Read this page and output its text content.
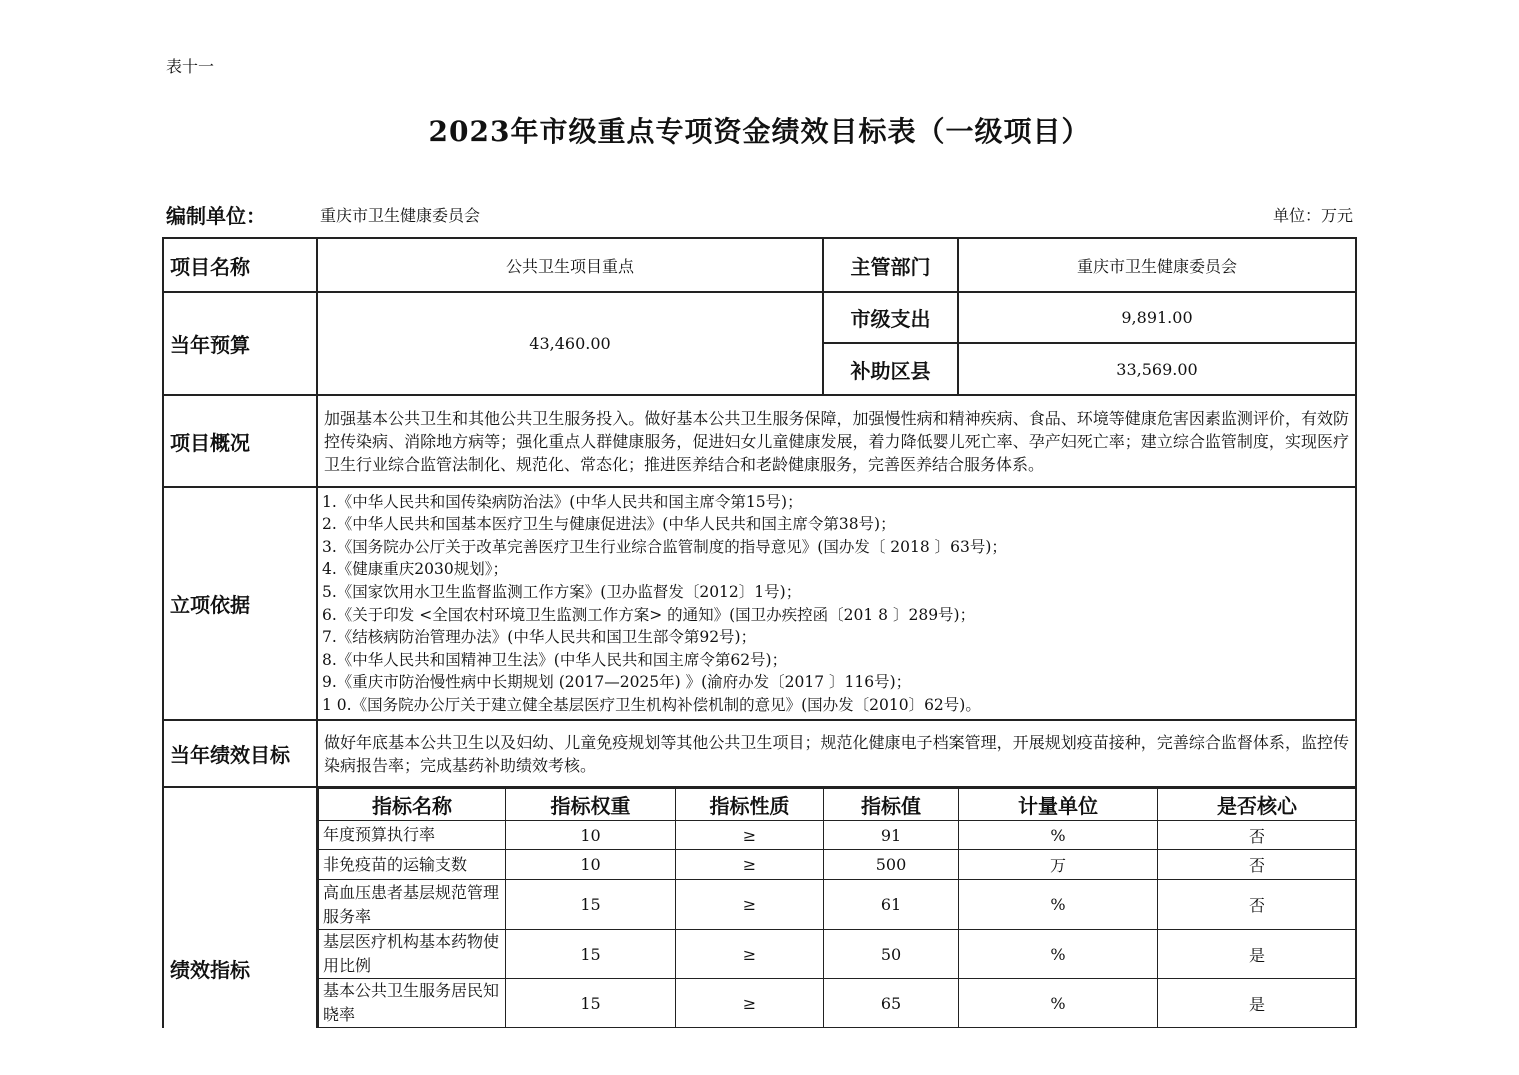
表十一
2023年市级重点专项资金绩效目标表（一级项目）
编制单位：	重庆市卫生健康委员会	单位：万元
项目名称	公共卫生项目重点	主管部门	重庆市卫生健康委员会
当年预算	43,460.00	市级支出	9,891.00
补助区县	33,569.00
项目概况	加强基本公共卫生和其他公共卫生服务投入。做好基本公共卫生服务保障，加强慢性病和精神疾病、食品、环境等健康危害因素监测评价，有效防控传染病、消除地方病等；强化重点人群健康服务，促进妇女儿童健康发展，着力降低婴儿死亡率、孕产妇死亡率；建立综合监管制度，实现医疗卫生行业综合监管法制化、规范化、常态化；推进医养结合和老龄健康服务，完善医养结合服务体系。
立项依据	
1.《中华人民共和国传染病防治法》(中华人民共和国主席令第15号)；
2.《中华人民共和国基本医疗卫生与健康促进法》(中华人民共和国主席令第38号)；
3.《国务院办公厅关于改革完善医疗卫生行业综合监管制度的指导意见》(国办发〔 2018 〕63号)；
4.《健康重庆2030规划》；
5.《国家饮用水卫生监督监测工作方案》(卫办监督发〔2012〕1号)；
6.《关于印发 <全国农村环境卫生监测工作方案> 的通知》(国卫办疾控函〔201 8 〕289号)；
7.《结核病防治管理办法》(中华人民共和国卫生部令第92号)；
8.《中华人民共和国精神卫生法》(中华人民共和国主席令第62号)；
9.《重庆市防治慢性病中长期规划 (2017—2025年) 》(渝府办发〔2017 〕116号)；
1 0.《国务院办公厅关于建立健全基层医疗卫生机构补偿机制的意见》(国办发〔2010〕62号)。

当年绩效目标	做好年底基本公共卫生以及妇幼、儿童免疫规划等其他公共卫生项目；规范化健康电子档案管理，开展规划疫苗接种，完善综合监督体系，监控传染病报告率；完成基药补助绩效考核。
绩效指标	
指标名称	指标权重	指标性质	指标值	计量单位	是否核心
年度预算执行率	10	≥	91	%	否
非免疫苗的运输支数	10	≥	500	万	否
高血压患者基层规范管理服务率	15	≥	61	%	否
基层医疗机构基本药物使用比例	15	≥	50	%	是
基本公共卫生服务居民知晓率	15	≥	65	%	是
